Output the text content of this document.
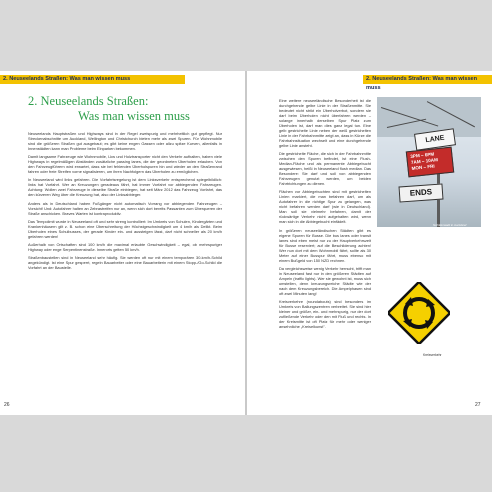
2. Neuseelands Straßen: Was man wissen muss
2. Neuseelands Straßen:
Was man wissen muss

Neuseelands Hauptstraßen und Highways sind in der Regel zweispurig und mehrheitlich gut gepflegt. Nur Streckenabschnitte um Auckland, Wellington und Christchurch bieten mehr als zwei Spuren. Für Wohnmobile sind die größeren Straßen gut ausgebaut; es gibt keine engen Gassen oder allzu spitze Kurven, allenfalls in Innenstädten kann man Probleme beim Einparken bekommen.

Damit langsame Fahrzeuge wie Wohnmobile, Lkw und Holztransporter nicht den Verkehr aufhalten, haben viele Highways in regelmäßigen Abständen zusätzliche passing lanes, die der geordneten Überholen erlauben. Von den Fahrzeugführern wird erwartet, dass sie bei fehlenden Überholspuren hin und wieder an den Straßenrand fahren oder freie Streifen vorne signalisieren, um ihren Nachfolgern das Überholen zu ermöglichen.

In Neuseeland wird links gefahren. Die Vorfahrtsregelung ist dem Linksverkehr entsprechend spiegelbildlich: links hat Vorfahrt. Wer an Kreuzungen geradeaus fährt, hat immer Vorfahrt vor abbiegenden Fahrzeugen. Achtung: Wollen zwei Fahrzeuge in dieselbe Straße einbiegen, hat seit März 2012 das Fahrzeug Vorfahrt, das den kürzeren Weg über die Kreuzung hat, also der Linksabbieger.

Anders als in Deutschland haben Fußgänger nicht automatisch Vorrang vor abbiegenden Fahrzeugen – Vorsicht! Und: Autofahrer halten an Zebrastreifen nur an, wenn sich dort bereits Passanten zum Überqueren der Straße anschicken. Braves Warten ist kontraproduktiv.

Das Tempolimit wurde in Neuseeland oft und sehr streng kontrolliert: Im Umkreis von Schulen, Kindergärten und Krankenhäusern gilt z. B. schon eine Überschreitung der Höchstgeschwindigkeit um 4 km/h als Delikt. Beim Überholen eines Schulbusses, der gerade Kinder ein- und aussteigen lässt, darf nicht schneller als 20 km/h gefahren werden!

Außerhalb von Ortschaften sind 100 km/h die maximal erlaubte Geschwindigkeit – egal, ob mehrspuriger Highway oder enge Serpentinenstraße. Innerorts gelten 50 km/h.

Straßenbaustellen sind in Neuseeland sehr häufig. Sie werden oft nur mit einem temporären 30-km/h-Schild angekündigt. Ist eine Spur gesperrt, regeln Bauarbeiter oder eine Bauarbeiterin mit einem Stopp-/Go-Schild die Vorfahrt an der Baustelle.

26
2. Neuseelands Straßen: Was man wissen muss

Eine weitere neuseeländische Besonderheit ist die durchgehende gelbe Linie in der Straßenmitte. Sie bedeutet nicht strikt ein Überholverbot, sondern sie darf beim Überholen nicht überfahren werden – solange innerhalb derselben Spur Platz zum Überholen ist, darf man dies ganz legal tun. Eine gelb gestrichelte Linie neben der weiß gestrichelten Linie in der Fahrbahnmitte zeigt an, dass in Kürze die Fahrbahnsituation wechselt und eine durchgehende gelbe Linie ansteht.

Die gestrichelte Fläche, die sich in der Fahrbahnmitte zwischen den Spuren befindet, ist eine Flush-Median-Fläche und als permanente Abbiegebucht ausgewiesen, heißt in Neuseeland flush median. Das Besondere: Sie darf und soll von abbiegenden Fahrzeugen genutzt werden, um beiden Fahrtrichtungen zu dienen.

Flächen vor Abbiegebuchten sind mit gestrichelten Linien markiert, die man befahren darf, um als Autofahrer in die richtige Spur zu gelangen, was nicht befahren werden darf (wie in Deutschland). Man soll sie vielmehr befahren, damit der rückwärtige Verkehr nicht aufgehalten wird, wenn man sich in die Abbiegebucht einfädelt.

In größeren neuseeländischen Städten gibt es eigene Spuren für Busse. Die bus lanes oder transit lanes sind eben meist nur zu der Hauptverkehrszeit für Busse reserviert; auf die Beschilderung achten! Wer nun dort mit dem Wohnmobil fährt, sollte als 30 Meter auf einer Busspur fährt, muss ebenso mit einem Bußgeld von 150 NZD rechnen.

Da vergleichsweise wenig Verkehr herrscht, trifft man in Neuseeland fast nur in den größeren Städten auf Ampeln (traffic lights). Wer sie gewohnt ist, muss sich umstellen, denn kreuzungsreiche Städte wie der nach dem Kreuzungsbereich. Die Ampelphasen sind oft zwei Minuten lang!

Kreisverkehre (roundabouts) sind besonders im Umkreis von Ballungszentren verbreitet. Sie sind hier kleiner und größer, ein- und mehrspurig, nur der dort zufließende Verkehr oder den mit Fluß und rechts. In der Kreismitte ist oft Platz für mehr oder weniger ansehnliche „Kreiselkunst".

LANE
3PM – 6PM
7AM – 10AM
MON – FRI
ENDS
Schilderwald in Auckland
Kreisverkehr
27
